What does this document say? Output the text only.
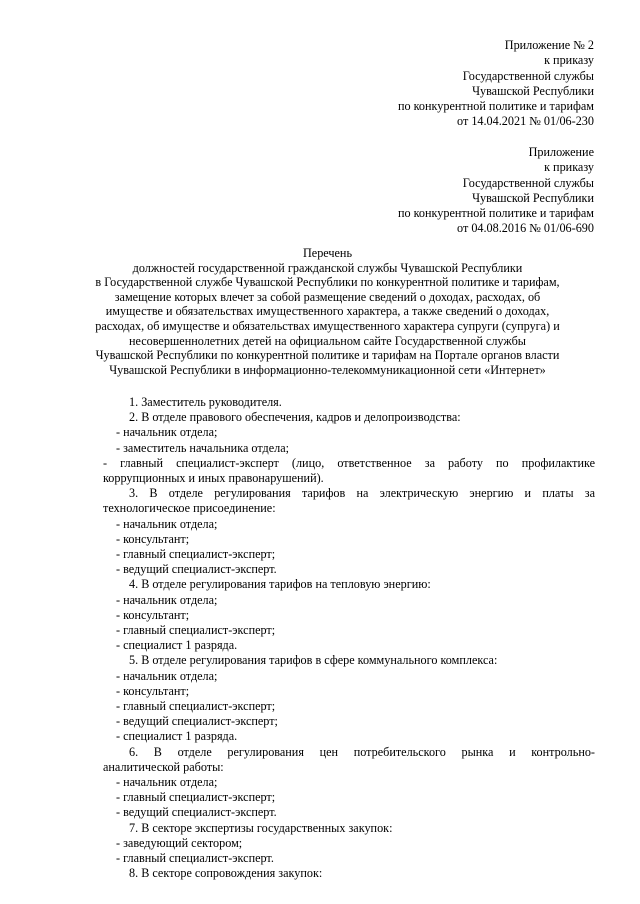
Приложение № 2
к приказу
Государственной службы
Чувашской Республики
по конкурентной политике и тарифам
от 14.04.2021 № 01/06-230
Приложение
к приказу
Государственной службы
Чувашской Республики
по конкурентной политике и тарифам
от 04.08.2016 № 01/06-690
Перечень
должностей государственной гражданской службы Чувашской Республики
в Государственной службе Чувашской Республики по конкурентной политике и тарифам,
замещение которых влечет за собой размещение сведений о доходах, расходах, об
имуществе и обязательствах имущественного характера, а также сведений о доходах,
расходах, об имуществе и обязательствах имущественного характера супруги (супруга) и
несовершеннолетних детей на официальном сайте Государственной службы
Чувашской Республики по конкурентной политике и тарифам на Портале органов власти
Чувашской Республики в информационно-телекоммуникационной сети «Интернет»
1. Заместитель руководителя.
2. В отделе правового обеспечения, кадров и делопроизводства:
- начальник отдела;
- заместитель начальника отдела;
- главный специалист-эксперт (лицо, ответственное за работу по профилактике
коррупционных и иных правонарушений).
3. В отделе регулирования тарифов на электрическую энергию и платы за
технологическое присоединение:
- начальник отдела;
- консультант;
- главный специалист-эксперт;
- ведущий специалист-эксперт.
4. В отделе регулирования тарифов на тепловую энергию:
- начальник отдела;
- консультант;
- главный специалист-эксперт;
- специалист 1 разряда.
5. В отделе регулирования тарифов в сфере коммунального комплекса:
- начальник отдела;
- консультант;
- главный специалист-эксперт;
- ведущий специалист-эксперт;
- специалист 1 разряда.
6. В отделе регулирования цен потребительского рынка и контрольно-
аналитической работы:
- начальник отдела;
- главный специалист-эксперт;
- ведущий специалист-эксперт.
7. В секторе экспертизы государственных закупок:
- заведующий сектором;
- главный специалист-эксперт.
8. В секторе сопровождения закупок:
